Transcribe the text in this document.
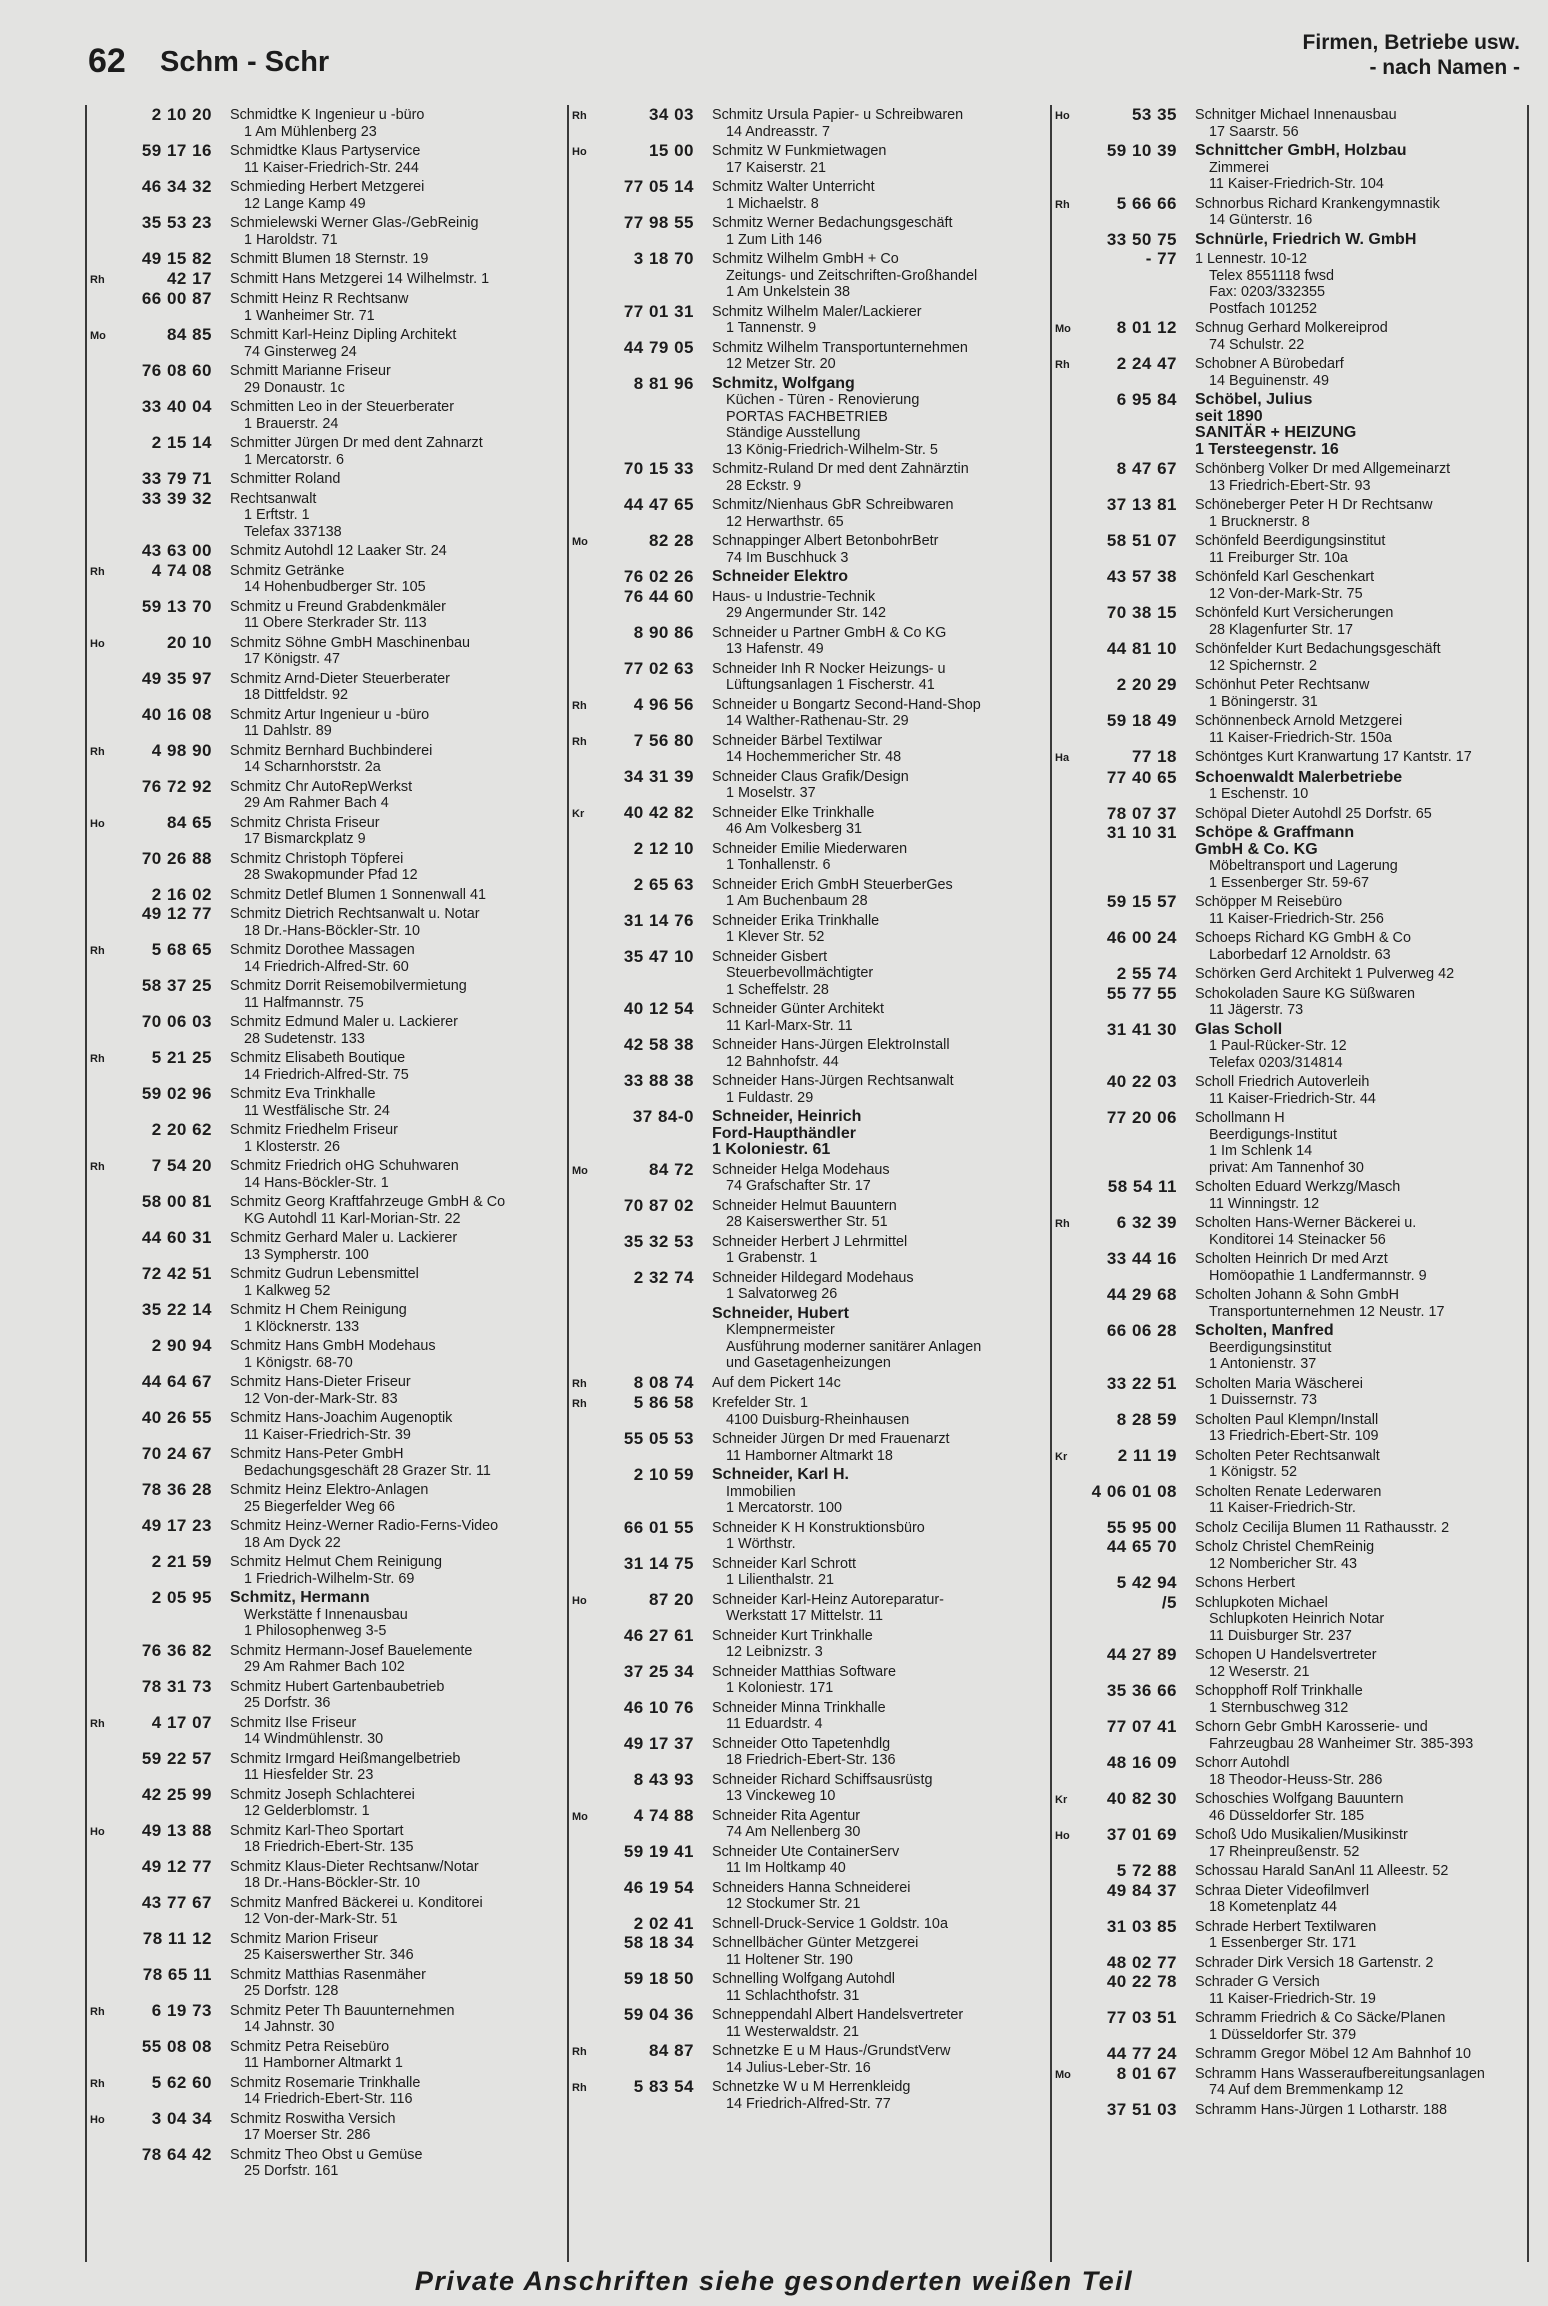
62 Schm - Schr
Firmen, Betriebe usw.
- nach Namen -
2 10 20	Schmidtke K Ingenieur u -büro
1 Am Mühlenberg 23
59 17 16	Schmidtke Klaus Partyservice
11 Kaiser-Friedrich-Str. 244
46 34 32	Schmieding Herbert Metzgerei
12 Lange Kamp 49
35 53 23	Schmielewski Werner Glas-/GebReinig
1 Haroldstr. 71
49 15 82	Schmitt Blumen 18 Sternstr. 19
Rh	42 17	Schmitt Hans Metzgerei 14 Wilhelmstr. 1
66 00 87	Schmitt Heinz R Rechtsanw
1 Wanheimer Str. 71
Mo	84 85	Schmitt Karl-Heinz Dipling Architekt
74 Ginsterweg 24
76 08 60	Schmitt Marianne Friseur
29 Donaustr. 1c
33 40 04	Schmitten Leo in der Steuerberater
1 Brauerstr. 24
2 15 14	Schmitter Jürgen Dr med dent Zahnarzt
1 Mercatorstr. 6
33 79 71	Schmitter Roland
33 39 32	Rechtsanwalt
1 Erftstr. 1
Telefax 337138
43 63 00	Schmitz Autohdl 12 Laaker Str. 24
Rh	4 74 08	Schmitz Getränke
14 Hohenbudberger Str. 105
59 13 70	Schmitz u Freund Grabdenkmäler
11 Obere Sterkrader Str. 113
Ho	20 10	Schmitz Söhne GmbH Maschinenbau
17 Königstr. 47
49 35 97	Schmitz Arnd-Dieter Steuerberater
18 Dittfeldstr. 92
40 16 08	Schmitz Artur Ingenieur u -büro
11 Dahlstr. 89
Rh	4 98 90	Schmitz Bernhard Buchbinderei
14 Scharnhorststr. 2a
76 72 92	Schmitz Chr AutoRepWerkst
29 Am Rahmer Bach 4
Ho	84 65	Schmitz Christa Friseur
17 Bismarckplatz 9
70 26 88	Schmitz Christoph Töpferei
28 Swakopmunder Pfad 12
2 16 02	Schmitz Detlef Blumen 1 Sonnenwall 41
49 12 77	Schmitz Dietrich Rechtsanwalt u. Notar
18 Dr.-Hans-Böckler-Str. 10
Rh	5 68 65	Schmitz Dorothee Massagen
14 Friedrich-Alfred-Str. 60
58 37 25	Schmitz Dorrit Reisemobilvermietung
11 Halfmannstr. 75
70 06 03	Schmitz Edmund Maler u. Lackierer
28 Sudetenstr. 133
Rh	5 21 25	Schmitz Elisabeth Boutique
14 Friedrich-Alfred-Str. 75
59 02 96	Schmitz Eva Trinkhalle
11 Westfälische Str. 24
2 20 62	Schmitz Friedhelm Friseur
1 Klosterstr. 26
Rh	7 54 20	Schmitz Friedrich oHG Schuhwaren
14 Hans-Böckler-Str. 1
58 00 81	Schmitz Georg Kraftfahrzeuge GmbH & Co
KG Autohdl 11 Karl-Morian-Str. 22
44 60 31	Schmitz Gerhard Maler u. Lackierer
13 Sympherstr. 100
72 42 51	Schmitz Gudrun Lebensmittel
1 Kalkweg 52
35 22 14	Schmitz H Chem Reinigung
1 Klöcknerstr. 133
2 90 94	Schmitz Hans GmbH Modehaus
1 Königstr. 68-70
44 64 67	Schmitz Hans-Dieter Friseur
12 Von-der-Mark-Str. 83
40 26 55	Schmitz Hans-Joachim Augenoptik
11 Kaiser-Friedrich-Str. 39
70 24 67	Schmitz Hans-Peter GmbH
Bedachungsgeschäft 28 Grazer Str. 11
78 36 28	Schmitz Heinz Elektro-Anlagen
25 Biegerfelder Weg 66
49 17 23	Schmitz Heinz-Werner Radio-Ferns-Video
18 Am Dyck 22
2 21 59	Schmitz Helmut Chem Reinigung
1 Friedrich-Wilhelm-Str. 69
2 05 95	Schmitz, Hermann
Werkstätte f Innenausbau
1 Philosophenweg 3-5
76 36 82	Schmitz Hermann-Josef Bauelemente
29 Am Rahmer Bach 102
78 31 73	Schmitz Hubert Gartenbaubetrieb
25 Dorfstr. 36
Rh	4 17 07	Schmitz Ilse Friseur
14 Windmühlenstr. 30
59 22 57	Schmitz Irmgard Heißmangelbetrieb
11 Hiesfelder Str. 23
42 25 99	Schmitz Joseph Schlachterei
12 Gelderblomstr. 1
Ho	49 13 88	Schmitz Karl-Theo Sportart
18 Friedrich-Ebert-Str. 135
49 12 77	Schmitz Klaus-Dieter Rechtsanw/Notar
18 Dr.-Hans-Böckler-Str. 10
43 77 67	Schmitz Manfred Bäckerei u. Konditorei
12 Von-der-Mark-Str. 51
78 11 12	Schmitz Marion Friseur
25 Kaiserswerther Str. 346
78 65 11	Schmitz Matthias Rasenmäher
25 Dorfstr. 128
Rh	6 19 73	Schmitz Peter Th Bauunternehmen
14 Jahnstr. 30
55 08 08	Schmitz Petra Reisebüro
11 Hamborner Altmarkt 1
Rh	5 62 60	Schmitz Rosemarie Trinkhalle
14 Friedrich-Ebert-Str. 116
Ho	3 04 34	Schmitz Roswitha Versich
17 Moerser Str. 286
78 64 42	Schmitz Theo Obst u Gemüse
25 Dorfstr. 161
Rh	34 03	Schmitz Ursula Papier- u Schreibwaren
14 Andreasstr. 7
Ho	15 00	Schmitz W Funkmietwagen
17 Kaiserstr. 21
77 05 14	Schmitz Walter Unterricht
1 Michaelstr. 8
77 98 55	Schmitz Werner Bedachungsgeschäft
1 Zum Lith 146
3 18 70	Schmitz Wilhelm GmbH + Co
Zeitungs- und Zeitschriften-Großhandel
1 Am Unkelstein 38
77 01 31	Schmitz Wilhelm Maler/Lackierer
1 Tannenstr. 9
44 79 05	Schmitz Wilhelm Transportunternehmen
12 Metzer Str. 20
8 81 96	Schmitz, Wolfgang
Küchen - Türen - Renovierung
PORTAS FACHBETRIEB
Ständige Ausstellung
13 König-Friedrich-Wilhelm-Str. 5
70 15 33	Schmitz-Ruland Dr med dent Zahnärztin
28 Eckstr. 9
44 47 65	Schmitz/Nienhaus GbR Schreibwaren
12 Herwarthstr. 65
Mo	82 28	Schnappinger Albert BetonbohrBetr
74 Im Buschhuck 3
76 02 26	Schneider Elektro
76 44 60	Haus- u Industrie-Technik
29 Angermunder Str. 142
8 90 86	Schneider u Partner GmbH & Co KG
13 Hafenstr. 49
77 02 63	Schneider Inh R Nocker Heizungs- u
Lüftungsanlagen 1 Fischerstr. 41
Rh	4 96 56	Schneider u Bongartz Second-Hand-Shop
14 Walther-Rathenau-Str. 29
Rh	7 56 80	Schneider Bärbel Textilwar
14 Hochemmericher Str. 48
34 31 39	Schneider Claus Grafik/Design
1 Moselstr. 37
Kr	40 42 82	Schneider Elke Trinkhalle
46 Am Volkesberg 31
2 12 10	Schneider Emilie Miederwaren
1 Tonhallenstr. 6
2 65 63	Schneider Erich GmbH SteuerberGes
1 Am Buchenbaum 28
31 14 76	Schneider Erika Trinkhalle
1 Klever Str. 52
35 47 10	Schneider Gisbert
Steuerbevollmächtigter
1 Scheffelstr. 28
40 12 54	Schneider Günter Architekt
11 Karl-Marx-Str. 11
42 58 38	Schneider Hans-Jürgen ElektroInstall
12 Bahnhofstr. 44
33 88 38	Schneider Hans-Jürgen Rechtsanwalt
1 Fuldastr. 29
37 84-0	Schneider, Heinrich
Ford-Haupthändler
1 Koloniestr. 61
Mo	84 72	Schneider Helga Modehaus
74 Grafschafter Str. 17
70 87 02	Schneider Helmut Bauuntern
28 Kaiserswerther Str. 51
35 32 53	Schneider Herbert J Lehrmittel
1 Grabenstr. 1
2 32 74	Schneider Hildegard Modehaus
1 Salvatorweg 26
Schneider, Hubert
Klempnermeister
Ausführung moderner sanitärer Anlagen
und Gasetagenheizungen
Rh	8 08 74	Auf dem Pickert 14c
Rh	5 86 58	Krefelder Str. 1
4100 Duisburg-Rheinhausen
55 05 53	Schneider Jürgen Dr med Frauenarzt
11 Hamborner Altmarkt 18
2 10 59	Schneider, Karl H.
Immobilien
1 Mercatorstr. 100
66 01 55	Schneider K H Konstruktionsbüro
1 Wörthstr.
31 14 75	Schneider Karl Schrott
1 Lilienthalstr. 21
Ho	87 20	Schneider Karl-Heinz Autoreparatur-
Werkstatt 17 Mittelstr. 11
46 27 61	Schneider Kurt Trinkhalle
12 Leibnizstr. 3
37 25 34	Schneider Matthias Software
1 Koloniestr. 171
46 10 76	Schneider Minna Trinkhalle
11 Eduardstr. 4
49 17 37	Schneider Otto Tapetenhdlg
18 Friedrich-Ebert-Str. 136
8 43 93	Schneider Richard Schiffsausrüstg
13 Vinckeweg 10
Mo	4 74 88	Schneider Rita Agentur
74 Am Nellenberg 30
59 19 41	Schneider Ute ContainerServ
11 Im Holtkamp 40
46 19 54	Schneiders Hanna Schneiderei
12 Stockumer Str. 21
2 02 41	Schnell-Druck-Service 1 Goldstr. 10a
58 18 34	Schnellbächer Günter Metzgerei
11 Holtener Str. 190
59 18 50	Schnelling Wolfgang Autohdl
11 Schlachthofstr. 31
59 04 36	Schneppendahl Albert Handelsvertreter
11 Westerwaldstr. 21
Rh	84 87	Schnetzke E u M Haus-/GrundstVerw
14 Julius-Leber-Str. 16
Rh	5 83 54	Schnetzke W u M Herrenkleidg
14 Friedrich-Alfred-Str. 77
Ho	53 35	Schnitger Michael Innenausbau
17 Saarstr. 56
59 10 39	Schnittcher GmbH, Holzbau
Zimmerei
11 Kaiser-Friedrich-Str. 104
Rh	5 66 66	Schnorbus Richard Krankengymnastik
14 Günterstr. 16
33 50 75	Schnürle, Friedrich W. GmbH
- 77	1 Lennestr. 10-12
Telex 8551118 fwsd
Fax: 0203/332355
Postfach 101252
Mo	8 01 12	Schnug Gerhard Molkereiprod
74 Schulstr. 22
Rh	2 24 47	Schobner A Bürobedarf
14 Beguinenstr. 49
6 95 84	Schöbel, Julius
seit 1890
SANITÄR + HEIZUNG
1 Tersteegenstr. 16
8 47 67	Schönberg Volker Dr med Allgemeinarzt
13 Friedrich-Ebert-Str. 93
37 13 81	Schöneberger Peter H Dr Rechtsanw
1 Brucknerstr. 8
58 51 07	Schönfeld Beerdigungsinstitut
11 Freiburger Str. 10a
43 57 38	Schönfeld Karl Geschenkart
12 Von-der-Mark-Str. 75
70 38 15	Schönfeld Kurt Versicherungen
28 Klagenfurter Str. 17
44 81 10	Schönfelder Kurt Bedachungsgeschäft
12 Spichernstr. 2
2 20 29	Schönhut Peter Rechtsanw
1 Böningerstr. 31
59 18 49	Schönnenbeck Arnold Metzgerei
11 Kaiser-Friedrich-Str. 150a
Ha	77 18	Schöntges Kurt Kranwartung 17 Kantstr. 17
77 40 65	Schoenwaldt Malerbetriebe
1 Eschenstr. 10
78 07 37	Schöpal Dieter Autohdl 25 Dorfstr. 65
31 10 31	Schöpe & Graffmann
GmbH & Co. KG
Möbeltransport und Lagerung
1 Essenberger Str. 59-67
59 15 57	Schöpper M Reisebüro
11 Kaiser-Friedrich-Str. 256
46 00 24	Schoeps Richard KG GmbH & Co
Laborbedarf 12 Arnoldstr. 63
2 55 74	Schörken Gerd Architekt 1 Pulverweg 42
55 77 55	Schokoladen Saure KG Süßwaren
11 Jägerstr. 73
31 41 30	Glas Scholl
1 Paul-Rücker-Str. 12
Telefax 0203/314814
40 22 03	Scholl Friedrich Autoverleih
11 Kaiser-Friedrich-Str. 44
77 20 06	Schollmann H
Beerdigungs-Institut
1 Im Schlenk 14
privat: Am Tannenhof 30
58 54 11	Scholten Eduard Werkzg/Masch
11 Winningstr. 12
Rh	6 32 39	Scholten Hans-Werner Bäckerei u.
Konditorei 14 Steinacker 56
33 44 16	Scholten Heinrich Dr med Arzt
Homöopathie 1 Landfermannstr. 9
44 29 68	Scholten Johann & Sohn GmbH
Transportunternehmen 12 Neustr. 17
66 06 28	Scholten, Manfred
Beerdigungsinstitut
1 Antonienstr. 37
33 22 51	Scholten Maria Wäscherei
1 Duissernstr. 73
8 28 59	Scholten Paul Klempn/Install
13 Friedrich-Ebert-Str. 109
Kr	2 11 19	Scholten Peter Rechtsanwalt
1 Königstr. 52
4 06 01 08	Scholten Renate Lederwaren
11 Kaiser-Friedrich-Str.
55 95 00	Scholz Cecilija Blumen 11 Rathausstr. 2
44 65 70	Scholz Christel ChemReinig
12 Nombericher Str. 43
5 42 94	Schons Herbert
/5	Schlupkoten Michael
Schlupkoten Heinrich Notar
11 Duisburger Str. 237
44 27 89	Schopen U Handelsvertreter
12 Weserstr. 21
35 36 66	Schopphoff Rolf Trinkhalle
1 Sternbuschweg 312
77 07 41	Schorn Gebr GmbH Karosserie- und
Fahrzeugbau 28 Wanheimer Str. 385-393
48 16 09	Schorr Autohdl
18 Theodor-Heuss-Str. 286
Kr	40 82 30	Schoschies Wolfgang Bauuntern
46 Düsseldorfer Str. 185
Ho	37 01 69	Schoß Udo Musikalien/Musikinstr
17 Rheinpreußenstr. 52
5 72 88	Schossau Harald SanAnl 11 Alleestr. 52
49 84 37	Schraa Dieter Videofilmverl
18 Kometenplatz 44
31 03 85	Schrade Herbert Textilwaren
1 Essenberger Str. 171
48 02 77	Schrader Dirk Versich 18 Gartenstr. 2
40 22 78	Schrader G Versich
11 Kaiser-Friedrich-Str. 19
77 03 51	Schramm Friedrich & Co Säcke/Planen
1 Düsseldorfer Str. 379
44 77 24	Schramm Gregor Möbel 12 Am Bahnhof 10
Mo	8 01 67	Schramm Hans Wasseraufbereitungsanlagen
74 Auf dem Bremmenkamp 12
37 51 03	Schramm Hans-Jürgen 1 Lotharstr. 188
Private Anschriften siehe gesonderten weißen Teil
